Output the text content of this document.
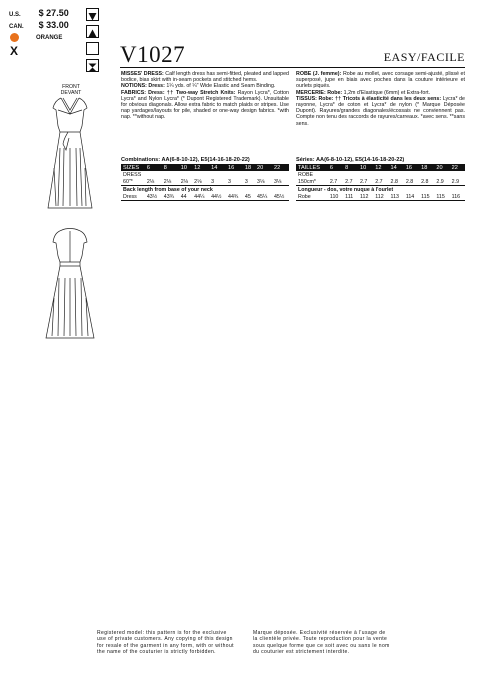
U.S. $ 27.50
CAN. $ 33.00
ORANGE
X	V1027	EASY/FACILE
FRONT
DEVANT
MISSES' DRESS: Calf length dress has semi-fitted, pleated and lapped bodice, bias skirt with in-seam pockets and stitched hems.
NOTIONS: Dress: 1¼ yds. of ¼" Wide Elastic and Seam Binding.
FABRICS: Dress: †† Two-way Stretch Knits: Rayon Lycra*, Cotton Lycra* and Nylon Lycra* (* Dupont Registered Trademark). Unsuitable for obvious diagonals. Allow extra fabric to match plaids or stripes. Use nap yardages/layouts for pile, shaded or one-way design fabrics. *with nap. **without nap.
Combinations: AA(6-8-10-12), E5(14-16-18-20-22)
SIZES	6	8	10	12	14	16	18	20	22
DRESS									
60"*	2⅛	2⅛	2⅛	2⅛	3	3	3	3⅛	3⅛
Back length from base of your neck									
Dress	43½	43¾	44	44¼	44½	44¾	45	45¼	45½
ROBE (J. femme): Robe au mollet, avec corsage semi-ajusté, plissé et superposé, jupe en biais avec poches dans la couture intérieure et ourlets piqués.
MERCERIE: Robe: 1,2m d'Elastique (6mm) et Extra-fort.
TISSUS: Robe: †† Tricots à élasticité dans les deux sens: Lycra* de rayonne, Lycra* de coton et Lycra* de nylon (* Marque Déposée Dupont). Rayures/grandes diagonales/écossais ne conviennent pas. Compte non tenu des raccords de rayures/carreaux. *avec sens. **sans sens.
Séries: AA(6-8-10-12), E5(14-16-18-20-22)
TAILLES	6	8	10	12	14	16	18	20	22
ROBE									
150cm*	2.7	2.7	2.7	2.7	2.8	2.8	2.8	2.9	2.9
Longueur - dos, votre nuque à l'ourlet									
Robe	110	111	112	112	113	114	115	115	116
Registered model: this pattern is for the exclusive use of private customers. Any copying of this design for resale of the garment in any form, with or without the name of the couturier is strictly forbidden.
Marque déposée. Exclusivité réservée à l'usage de la clientèle privée. Toute reproduction pour la vente sous quelque forme que ce soit avec ou sans le nom du couturier est strictement interdite.
